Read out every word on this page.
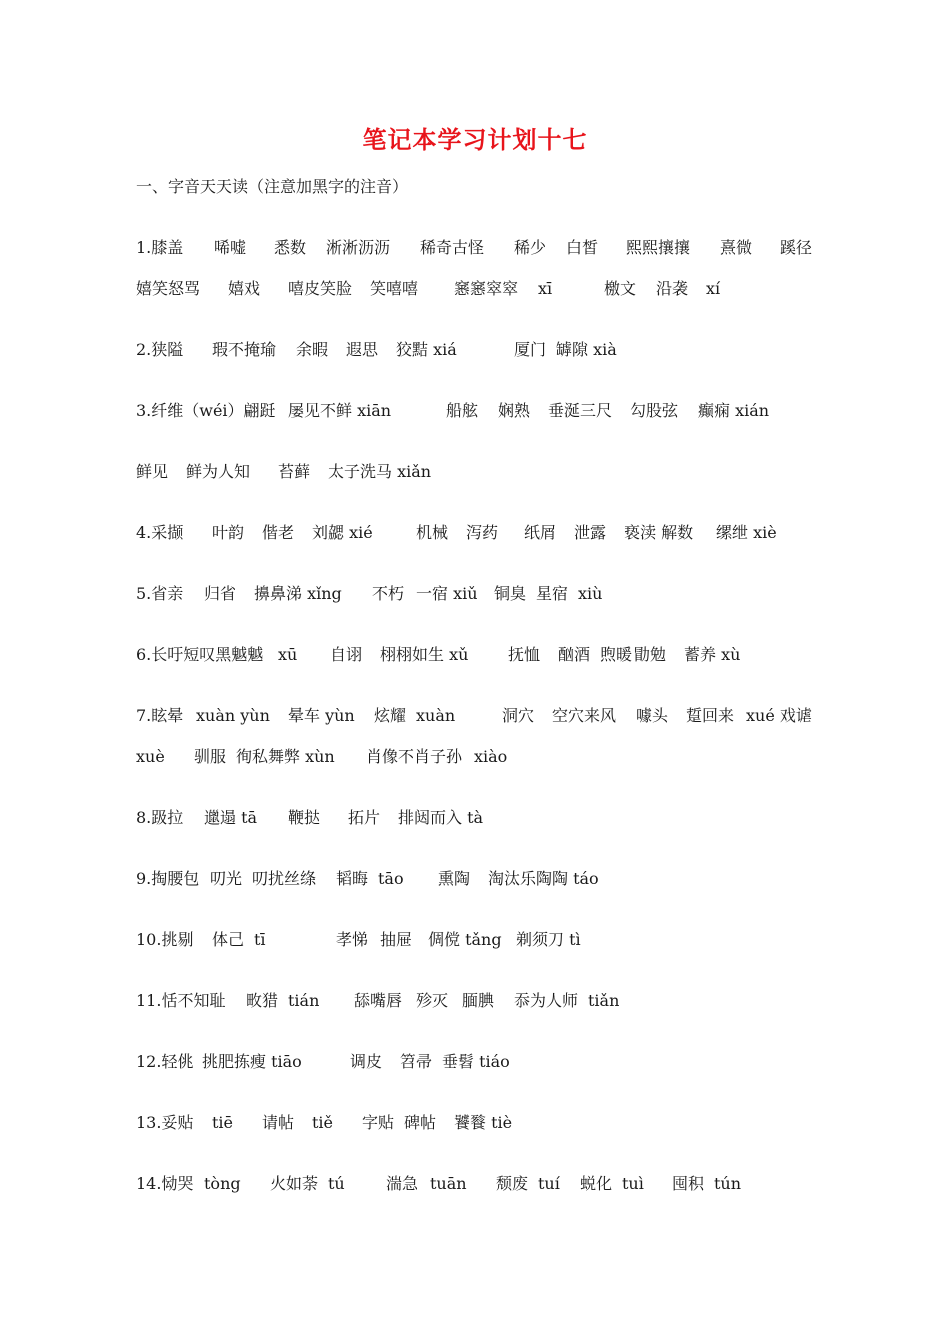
笔记本学习计划十七
一、字音天天读（注意加黑字的注音）
1.膝盖 唏嘘 悉数 淅淅沥沥 稀奇古怪 稀少 白皙 熙熙攘攘 熹微 蹊径
嬉笑怒骂 嬉戏 嘻皮笑脸 笑嘻嘻 窸窸窣窣 xī	檄文 沿袭 xí
2.狭隘 瑕不掩瑜 余暇 遐思 狡黠 xiá	厦门 罅隙 xià
3.纤维（wéi）翩跹 屡见不鲜 xiān	船舷 娴熟 垂涎三尺 勾股弦 癫痫 xián
鲜见 鲜为人知 苔藓 太子洗马 xiǎn
4.采撷 叶韵 偕老 刘勰 xié	机械 泻药 纸屑 泄露 亵渎 解数 缧绁 xiè
5.省亲 归省 擤鼻涕 xǐng 不朽 一宿 xiǔ 铜臭 星宿 xiù
6.长吁短叹黑魆魆 xū 自诩 栩栩如生 xǔ 抚恤 酗酒 煦暖 勖勉 蓄养 xù
7.眩晕 xuàn yùn 晕车 yùn 炫耀 xuàn	洞穴 空穴来风 噱头 踅回来 xué 戏谑
xuè 驯服 徇私舞弊 xùn 肖像不肖子孙 xiào
8.趿拉 邋遢 tā 鞭挞 拓片 排闼而入 tà
9.掏腰包 叨光 叨扰丝绦 韬晦 tāo 熏陶 淘汰乐陶陶 táo
10.挑剔 体己 tī	孝悌 抽屉 倜傥 tǎng 剃须刀 tì
11.恬不知耻 畋猎 tián 舔嘴唇 殄灭 腼腆 忝为人师 tiǎn
12.轻佻 挑肥拣瘦 tiāo	调皮 笤帚 垂髫 tiáo
13.妥贴 tiē 请帖 tiě 字贴 碑帖 饕餮 tiè
14.恸哭 tòng 火如荼 tú	湍急 tuān 颓废 tuí 蜕化 tuì 囤积 tún
